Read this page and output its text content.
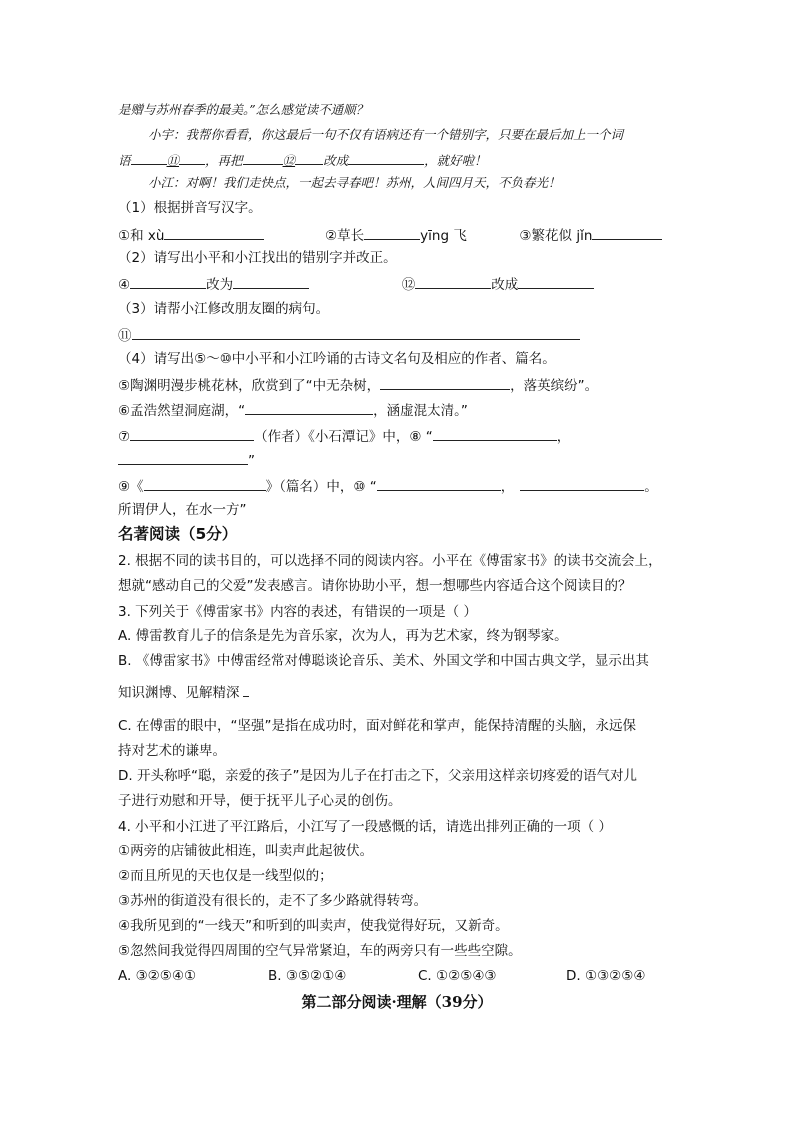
是赠与苏州春季的最美。”怎么感觉读不通顺？
小宇：我帮你看看，你这最后一句不仅有语病还有一个错别字，只要在最后加上一个词
语	⑪ ，再把	⑫ 改成	，就好啦！
小江：对啊！我们走快点，一起去寻春吧！苏州，人间四月天，不负春光！
（1）根据拼音写汉字。
①和 xù	②草长	yīng 飞	③繁花似 jǐn
（2）请写出小平和小江找出的错别字并改正。
④	改为	⑫	改成
（3）请帮小江修改朋友圈的病句。
⑪
（4）请写出⑤～⑩中小平和小江吟诵的古诗文名句及相应的作者、篇名。
⑤陶渊明漫步桃花林，欣赏到了“中无杂树，	，落英缤纷”。
⑥孟浩然望洞庭湖，“	，涵虚混太清。”
⑦	（作者）《小石潭记》中，⑧ “	，
”
⑨《	》（篇名）中，⑩ “	，	。
所谓伊人，在水一方”
名著阅读（5分）
2. 根据不同的读书目的，可以选择不同的阅读内容。小平在《傅雷家书》的读书交流会上，
想就“感动自己的父爱”发表感言。请你协助小平，想一想哪些内容适合这个阅读目的？
3. 下列关于《傅雷家书》内容的表述，有错误的一项是（ ）
A. 傅雷教育儿子的信条是先为音乐家，次为人，再为艺术家，终为钢琴家。
B. 《傅雷家书》中傅雷经常对傅聪谈论音乐、美术、外国文学和中国古典文学，显示出其
知识渊博、见解精深
C. 在傅雷的眼中，“坚强”是指在成功时，面对鲜花和掌声，能保持清醒的头脑，永远保
持对艺术的谦卑。
D. 开头称呼“聪，亲爱的孩子”是因为儿子在打击之下，父亲用这样亲切疼爱的语气对儿
子进行劝慰和开导，便于抚平儿子心灵的创伤。
4. 小平和小江进了平江路后，小江写了一段感慨的话，请选出排列正确的一项（ ）
①两旁的店铺彼此相连，叫卖声此起彼伏。
②而且所见的天也仅是一线型似的；
③苏州的街道没有很长的，走不了多少路就得转弯。
④我所见到的“一线天”和听到的叫卖声，使我觉得好玩，又新奇。
⑤忽然间我觉得四周围的空气异常紧迫，车的两旁只有一些些空隙。
A. ③②⑤④①	B. ③⑤②①④	C. ①②⑤④③	D. ①③②⑤④
第二部分阅读·理解（39分）
